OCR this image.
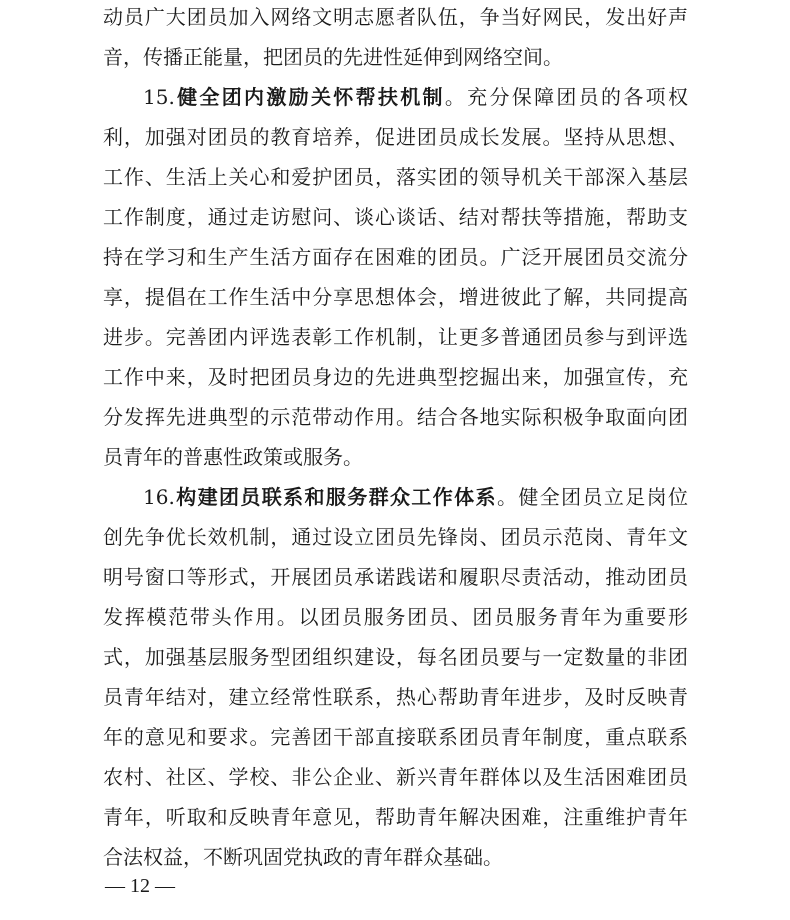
动员广大团员加入网络文明志愿者队伍，争当好网民，发出好声
音，传播正能量，把团员的先进性延伸到网络空间。
15.健全团内激励关怀帮扶机制。充分保障团员的各项权
利，加强对团员的教育培养，促进团员成长发展。坚持从思想、
工作、生活上关心和爱护团员，落实团的领导机关干部深入基层
工作制度，通过走访慰问、谈心谈话、结对帮扶等措施，帮助支
持在学习和生产生活方面存在困难的团员。广泛开展团员交流分
享，提倡在工作生活中分享思想体会，增进彼此了解，共同提高
进步。完善团内评选表彰工作机制，让更多普通团员参与到评选
工作中来，及时把团员身边的先进典型挖掘出来，加强宣传，充
分发挥先进典型的示范带动作用。结合各地实际积极争取面向团
员青年的普惠性政策或服务。
16.构建团员联系和服务群众工作体系。健全团员立足岗位
创先争优长效机制，通过设立团员先锋岗、团员示范岗、青年文
明号窗口等形式，开展团员承诺践诺和履职尽责活动，推动团员
发挥模范带头作用。以团员服务团员、团员服务青年为重要形
式，加强基层服务型团组织建设，每名团员要与一定数量的非团
员青年结对，建立经常性联系，热心帮助青年进步，及时反映青
年的意见和要求。完善团干部直接联系团员青年制度，重点联系
农村、社区、学校、非公企业、新兴青年群体以及生活困难团员
青年，听取和反映青年意见，帮助青年解决困难，注重维护青年
合法权益，不断巩固党执政的青年群众基础。
— 12 —
